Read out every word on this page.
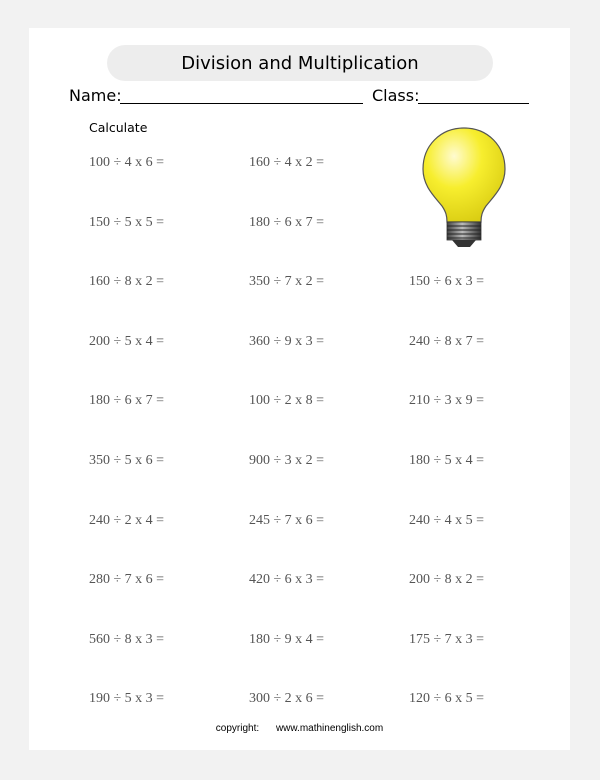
Division and Multiplication
Name:	Class:
Calculate
100 ÷ 4 x 6 =	160 ÷ 4 x 2 =
150 ÷ 5 x 5 =	180 ÷ 6 x 7 =
160 ÷ 8 x 2 =	350 ÷ 7 x 2 =	150 ÷ 6 x 3 =
200 ÷ 5 x 4 =	360 ÷ 9 x 3 =	240 ÷ 8 x 7 =
180 ÷ 6 x 7 =	100 ÷ 2 x 8 =	210 ÷ 3 x 9 =
350 ÷ 5 x 6 =	900 ÷ 3 x 2 =	180 ÷ 5 x 4 =
240 ÷ 2 x 4 =	245 ÷ 7 x 6 =	240 ÷ 4 x 5 =
280 ÷ 7 x 6 =	420 ÷ 6 x 3 =	200 ÷ 8 x 2 =
560 ÷ 8 x 3 =	180 ÷ 9 x 4 =	175 ÷ 7 x 3 =
190 ÷ 5 x 3 =	300 ÷ 2 x 6 =	120 ÷ 6 x 5 =
copyright: www.mathinenglish.com
